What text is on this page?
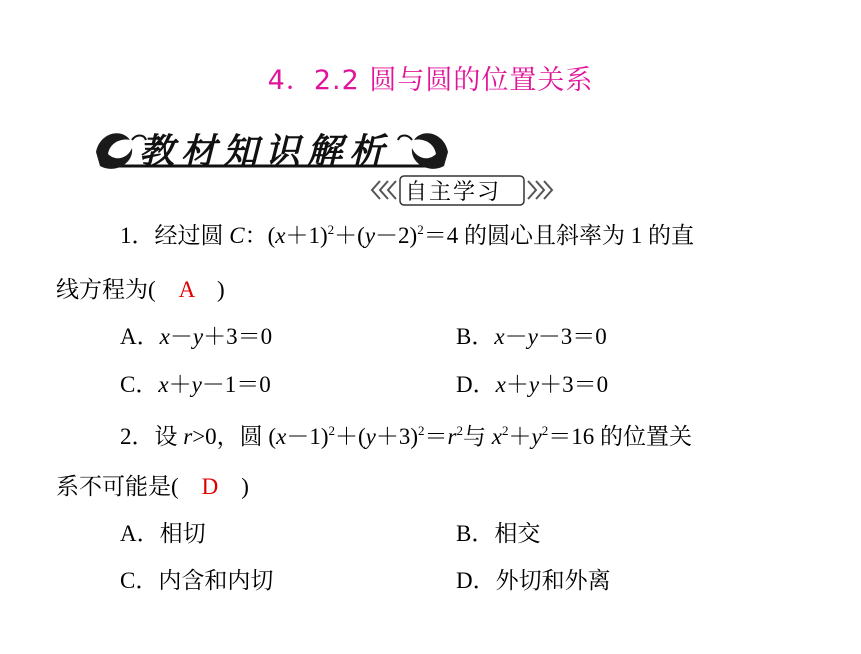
4．2.2 圆与圆的位置关系
教材知识解析
自主学习
1．经过圆 C：$(x+1)^2+(y-2)^2=4$ 的圆心且斜率为 1 的直
线方程为(　A　)
A．x－y＋3＝0	B．x－y－3＝0
C．x＋y－1＝0	D．x＋y＋3＝0
2．设 r>0，圆 $(x-1)^2+(y+3)^2=r^2$与 $x^2+y^2=16$ 的位置关
系不可能是(　D　)
A．相切	B．相交
C．内含和内切	D．外切和外离
